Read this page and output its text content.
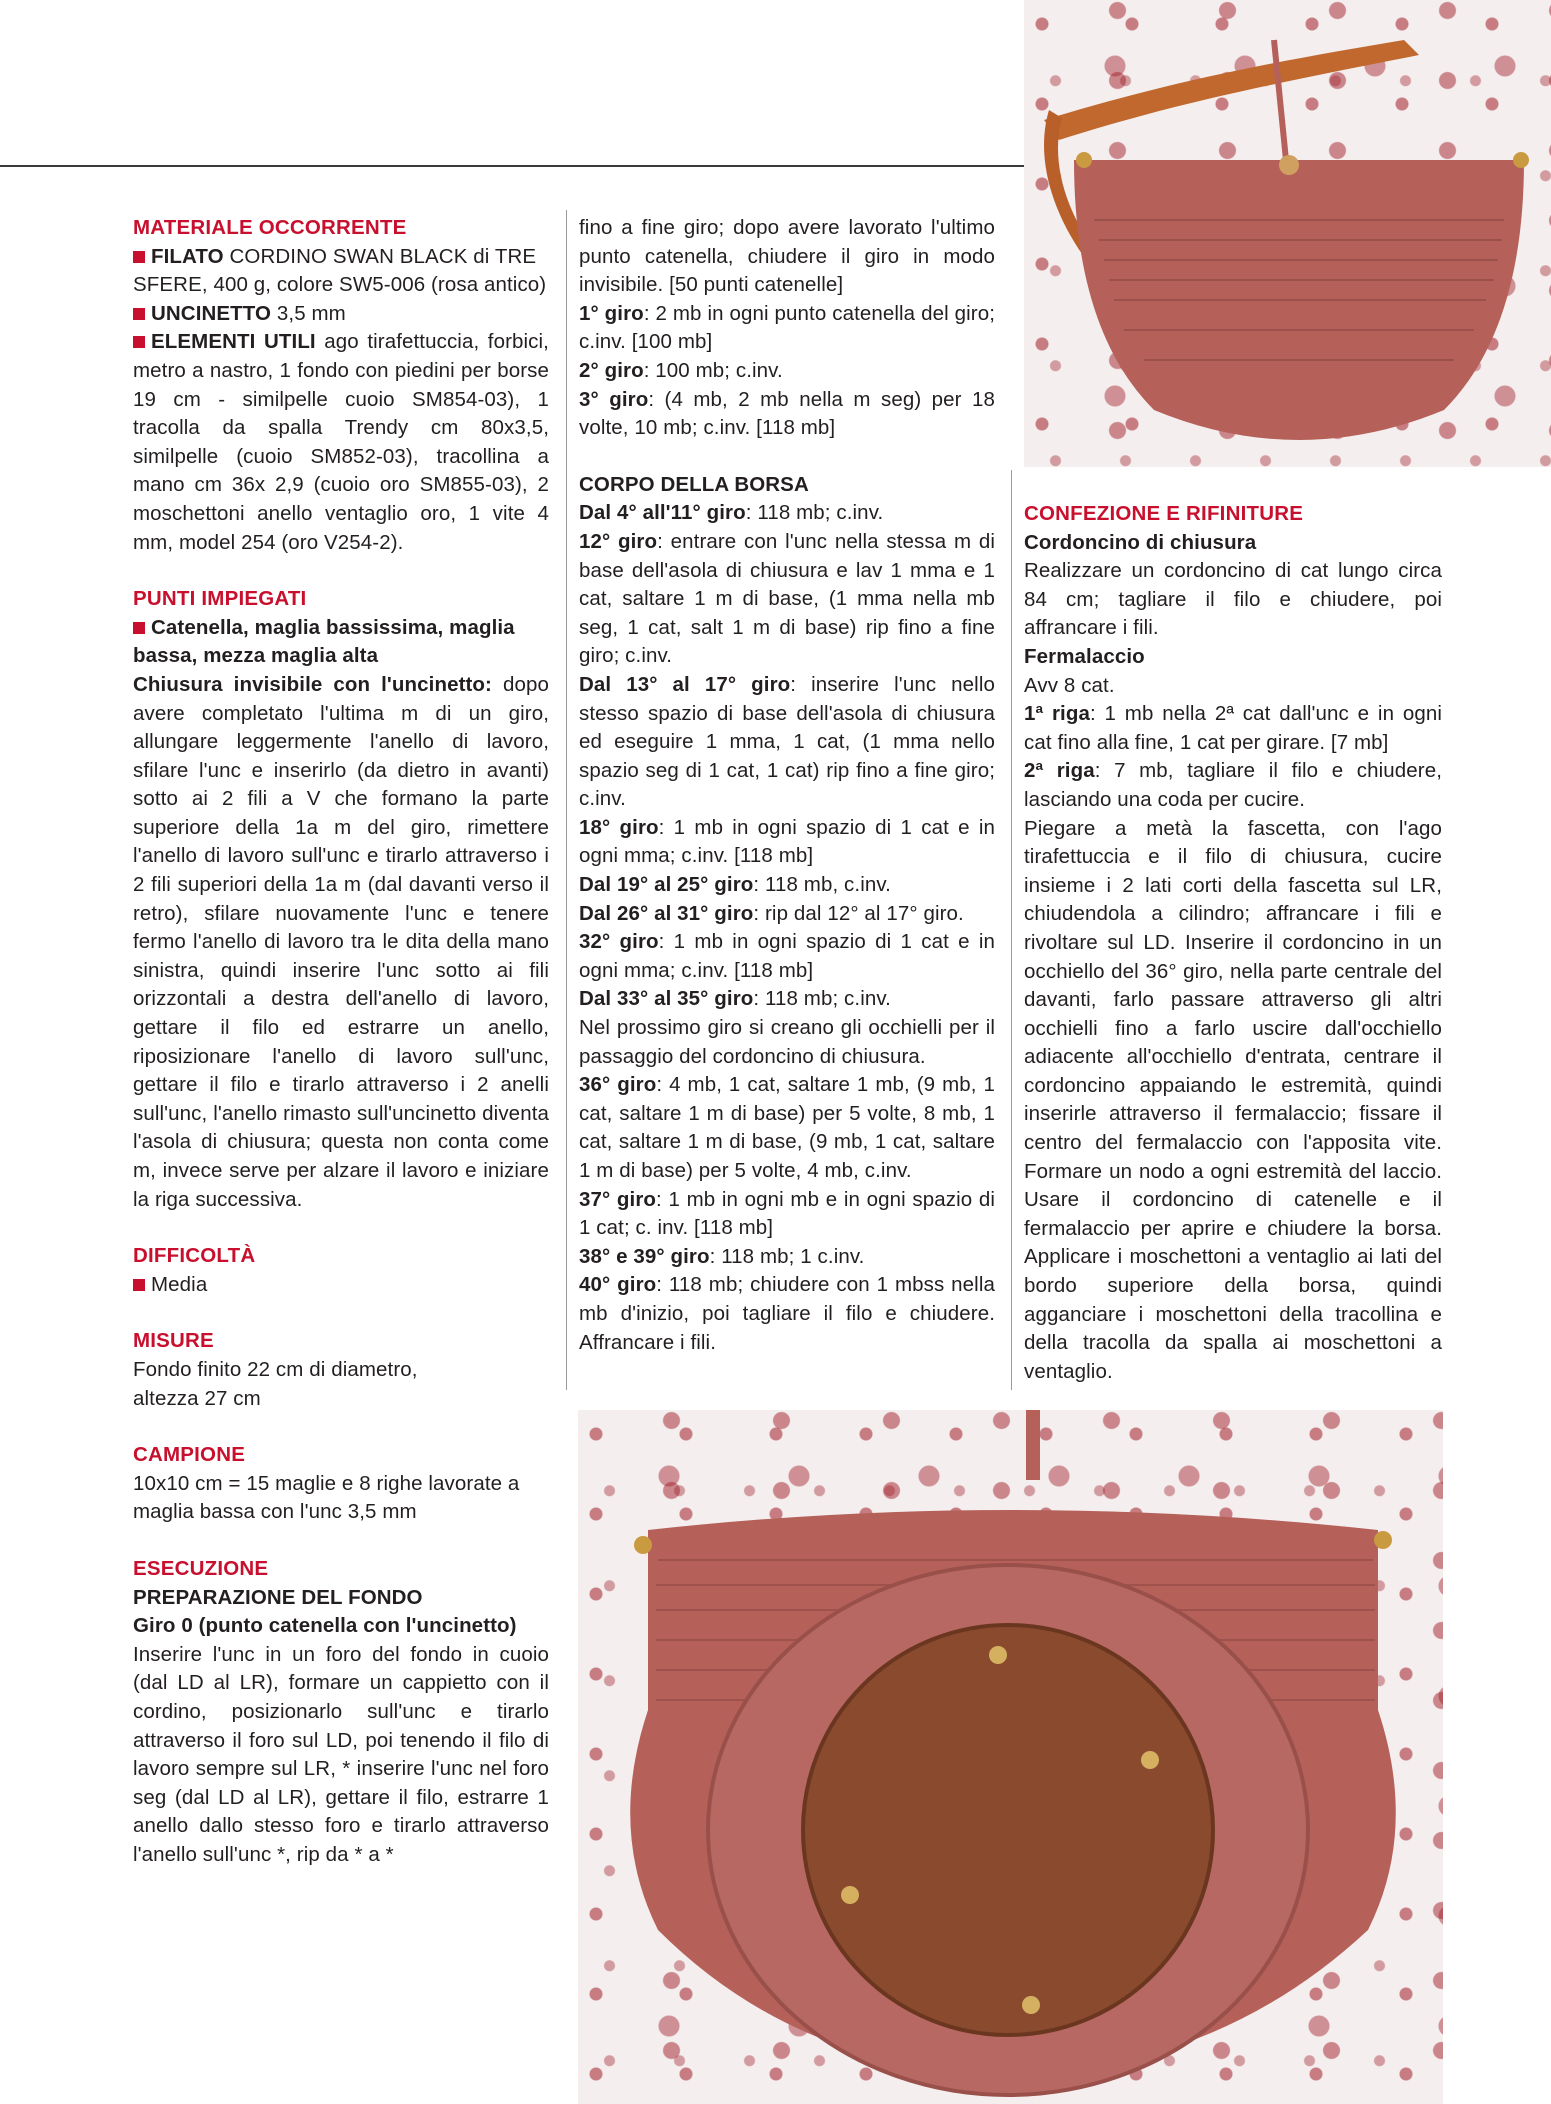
MATERIALE OCCORRENTE

FILATO CORDINO SWAN BLACK di TRE SFERE, 400 g, colore SW5-006 (rosa antico)

UNCINETTO 3,5 mm

ELEMENTI UTILI ago tirafettuccia, forbici, metro a nastro, 1 fondo con piedini per borse 19 cm - similpelle cuoio SM854-03), 1 tracolla da spalla Trendy cm 80x3,5, similpelle (cuoio SM852-03), tracollina a mano cm 36x 2,9 (cuoio oro SM855-03), 2 moschettoni anello ventaglio oro, 1 vite 4 mm, model 254 (oro V254-2).

PUNTI IMPIEGATI

Catenella, maglia bassissima, maglia bassa, mezza maglia alta

Chiusura invisibile con l'uncinetto: dopo avere completato l'ultima m di un giro, allungare leggermente l'anello di lavoro, sfilare l'unc e inserirlo (da dietro in avanti) sotto ai 2 fili a V che formano la parte superiore della 1a m del giro, rimettere l'anello di lavoro sull'unc e tirarlo attraverso i 2 fili superiori della 1a m (dal davanti verso il retro), sfilare nuovamente l'unc e tenere fermo l'anello di lavoro tra le dita della mano sinistra, quindi inserire l'unc sotto ai fili orizzontali a destra dell'anello di lavoro, gettare il filo ed estrarre un anello, riposizionare l'anello di lavoro sull'unc, gettare il filo e tirarlo attraverso i 2 anelli sull'unc, l'anello rimasto sull'uncinetto diventa l'asola di chiusura; questa non conta come m, invece serve per alzare il lavoro e iniziare la riga successiva.

DIFFICOLTÀ

Media

MISURE

Fondo finito 22 cm di diametro,

altezza 27 cm

CAMPIONE

10x10 cm = 15 maglie e 8 righe lavorate a maglia bassa con l'unc 3,5 mm

ESECUZIONE

PREPARAZIONE DEL FONDO

Giro 0 (punto catenella con l'uncinetto)

Inserire l'unc in un foro del fondo in cuoio (dal LD al LR), formare un cappietto con il cordino, posizionarlo sull'unc e tirarlo attraverso il foro sul LD, poi tenendo il filo di lavoro sempre sul LR, * inserire l'unc nel foro seg (dal LD al LR), gettare il filo, estrarre 1 anello dallo stesso foro e tirarlo attraverso l'anello sull'unc *, rip da * a *

fino a fine giro; dopo avere lavorato l'ultimo punto catenella, chiudere il giro in modo invisibile. [50 punti catenelle]

1° giro: 2 mb in ogni punto catenella del giro; c.inv. [100 mb]

2° giro: 100 mb; c.inv.

3° giro: (4 mb, 2 mb nella m seg) per 18 volte, 10 mb; c.inv. [118 mb]

CORPO DELLA BORSA

Dal 4° all'11° giro: 118 mb; c.inv.

12° giro: entrare con l'unc nella stessa m di base dell'asola di chiusura e lav 1 mma e 1 cat, saltare 1 m di base, (1 mma nella mb seg, 1 cat, salt 1 m di base) rip fino a fine giro; c.inv.

Dal 13° al 17° giro: inserire l'unc nello stesso spazio di base dell'asola di chiusura ed eseguire 1 mma, 1 cat, (1 mma nello spazio seg di 1 cat, 1 cat) rip fino a fine giro; c.inv.

18° giro: 1 mb in ogni spazio di 1 cat e in ogni mma; c.inv. [118 mb]

Dal 19° al 25° giro: 118 mb, c.inv.

Dal 26° al 31° giro: rip dal 12° al 17° giro.

32° giro: 1 mb in ogni spazio di 1 cat e in ogni mma; c.inv. [118 mb]

Dal 33° al 35° giro: 118 mb; c.inv.

Nel prossimo giro si creano gli occhielli per il passaggio del cordoncino di chiusura.

36° giro: 4 mb, 1 cat, saltare 1 mb, (9 mb, 1 cat, saltare 1 m di base) per 5 volte, 8 mb, 1 cat, saltare 1 m di base, (9 mb, 1 cat, saltare 1 m di base) per 5 volte, 4 mb, c.inv.

37° giro: 1 mb in ogni mb e in ogni spazio di 1 cat; c. inv. [118 mb]

38° e 39° giro: 118 mb; 1 c.inv.

40° giro: 118 mb; chiudere con 1 mbss nella mb d'inizio, poi tagliare il filo e chiudere. Affrancare i fili.

CONFEZIONE E RIFINITURE

Cordoncino di chiusura

Realizzare un cordoncino di cat lungo circa 84 cm; tagliare il filo e chiudere, poi affrancare i fili.

Fermalaccio

Avv 8 cat.

1ª riga: 1 mb nella 2ª cat dall'unc e in ogni cat fino alla fine, 1 cat per girare. [7 mb]

2ª riga: 7 mb, tagliare il filo e chiudere, lasciando una coda per cucire.

Piegare a metà la fascetta, con l'ago tirafettuccia e il filo di chiusura, cucire insieme i 2 lati corti della fascetta sul LR, chiudendola a cilindro; affrancare i fili e rivoltare sul LD. Inserire il cordoncino in un occhiello del 36° giro, nella parte centrale del davanti, farlo passare attraverso gli altri occhielli fino a farlo uscire dall'occhiello adiacente all'occhiello d'entrata, centrare il cordoncino appaiando le estremità, quindi inserirle attraverso il fermalaccio; fissare il centro del fermalaccio con l'apposita vite. Formare un nodo a ogni estremità del laccio. Usare il cordoncino di catenelle e il fermalaccio per aprire e chiudere la borsa. Applicare i moschettoni a ventaglio ai lati del bordo superiore della borsa, quindi agganciare i moschettoni della tracollina e della tracolla da spalla ai moschettoni a ventaglio.
